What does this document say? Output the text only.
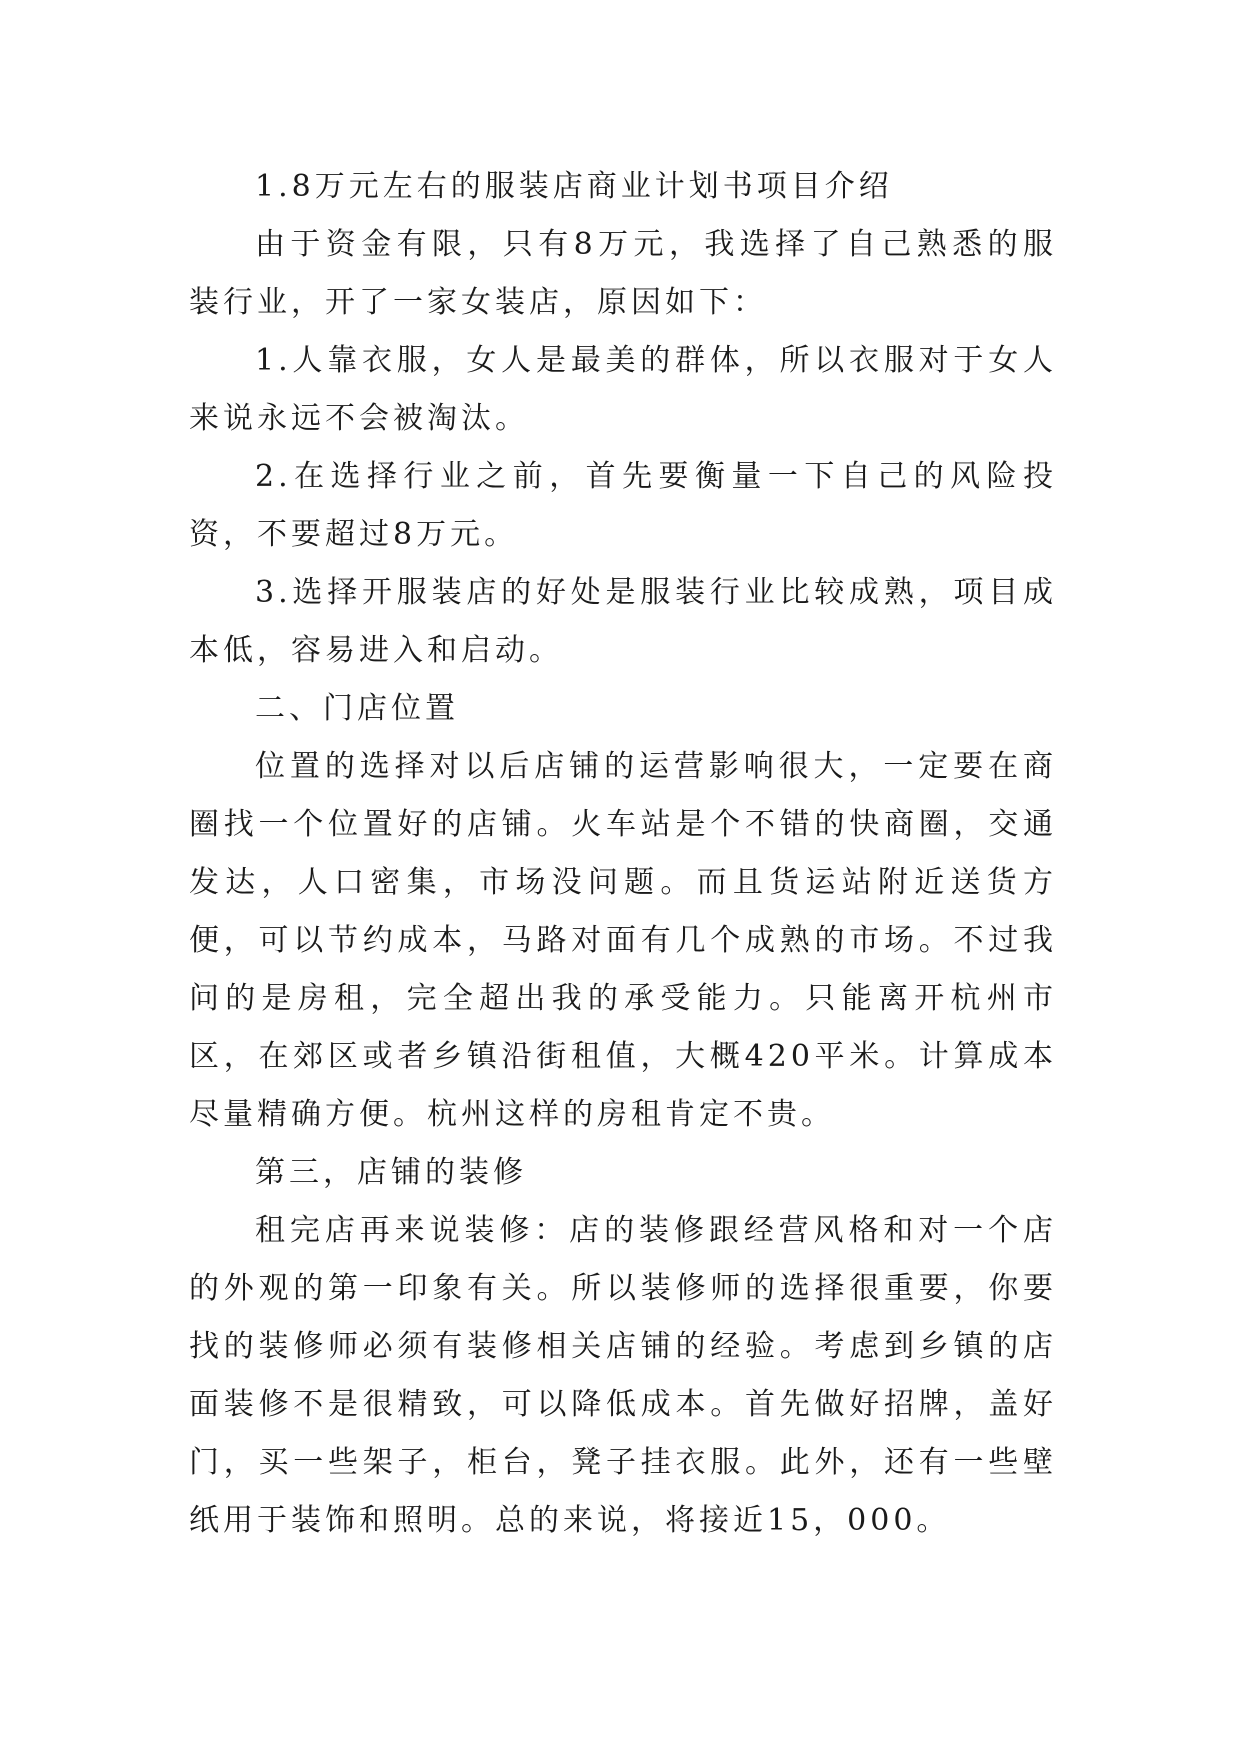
1.8万元左右的服装店商业计划书项目介绍

由于资金有限，只有8万元，我选择了自己熟悉的服装行业，开了一家女装店，原因如下：

1.人靠衣服，女人是最美的群体，所以衣服对于女人来说永远不会被淘汰。

2.在选择行业之前，首先要衡量一下自己的风险投资，不要超过8万元。

3.选择开服装店的好处是服装行业比较成熟，项目成本低，容易进入和启动。

二、门店位置

位置的选择对以后店铺的运营影响很大，一定要在商圈找一个位置好的店铺。火车站是个不错的快商圈，交通发达，人口密集，市场没问题。而且货运站附近送货方便，可以节约成本，马路对面有几个成熟的市场。不过我问的是房租，完全超出我的承受能力。只能离开杭州市区，在郊区或者乡镇沿街租值，大概420平米。计算成本尽量精确方便。杭州这样的房租肯定不贵。

第三，店铺的装修

租完店再来说装修：店的装修跟经营风格和对一个店的外观的第一印象有关。所以装修师的选择很重要，你要找的装修师必须有装修相关店铺的经验。考虑到乡镇的店面装修不是很精致，可以降低成本。首先做好招牌，盖好门，买一些架子，柜台，凳子挂衣服。此外，还有一些壁纸用于装饰和照明。总的来说，将接近15，000。
